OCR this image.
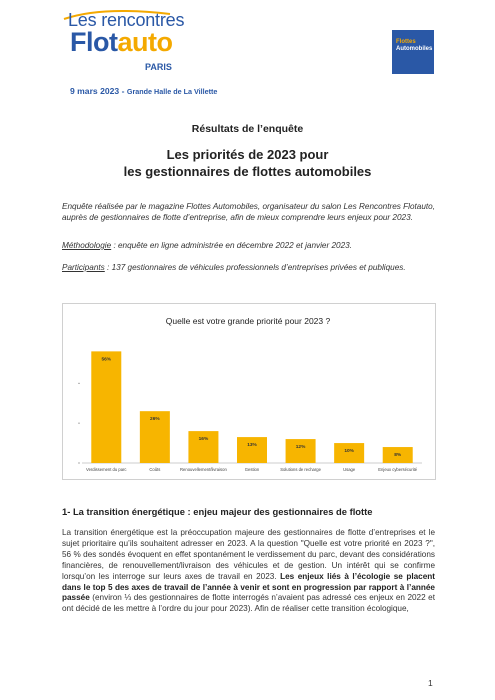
Les rencontres
Flotauto
PARIS
Flottes
Automobiles
9 mars 2023 - Grande Halle de La Villette
Résultats de l’enquête
Les priorités de 2023 pour
les gestionnaires de flottes automobiles
Enquête réalisée par le magazine Flottes Automobiles, organisateur du salon Les Rencontres Flotauto, auprès de gestionnaires de flotte d’entreprise, afin de mieux comprendre leurs enjeux pour 2023.
Méthodologie : enquête en ligne administrée en décembre 2022 et janvier 2023.
Participants : 137 gestionnaires de véhicules professionnels d’entreprises privées et publiques.
Quelle est votre grande priorité pour 2023 ?
56%
Verdissement du parc
26%
Coûts
16%
Renouvellement/livraison
13%
Gestion
12%
Solutions de recharge
10%
Usage
8%
Enjeux cybersécurité
1- La transition énergétique : enjeu majeur des gestionnaires de flotte
La transition énergétique est la préoccupation majeure des gestionnaires de flotte d’entreprises et le sujet prioritaire qu’ils souhaitent adresser en 2023. A la question "Quelle est votre priorité en 2023 ?", 56 % des sondés évoquent en effet spontanément le verdissement du parc, devant des considérations financières, de renouvellement/livraison des véhicules et de gestion. Un intérêt qui se confirme lorsqu’on les interroge sur leurs axes de travail en 2023. Les enjeux liés à l’écologie se placent dans le top 5 des axes de travail de l’année à venir et sont en progression par rapport à l’année passée (environ ⅓ des gestionnaires de flotte interrogés n’avaient pas adressé ces enjeux en 2022 et ont décidé de les mettre à l’ordre du jour pour 2023). Afin de réaliser cette transition écologique,
1
